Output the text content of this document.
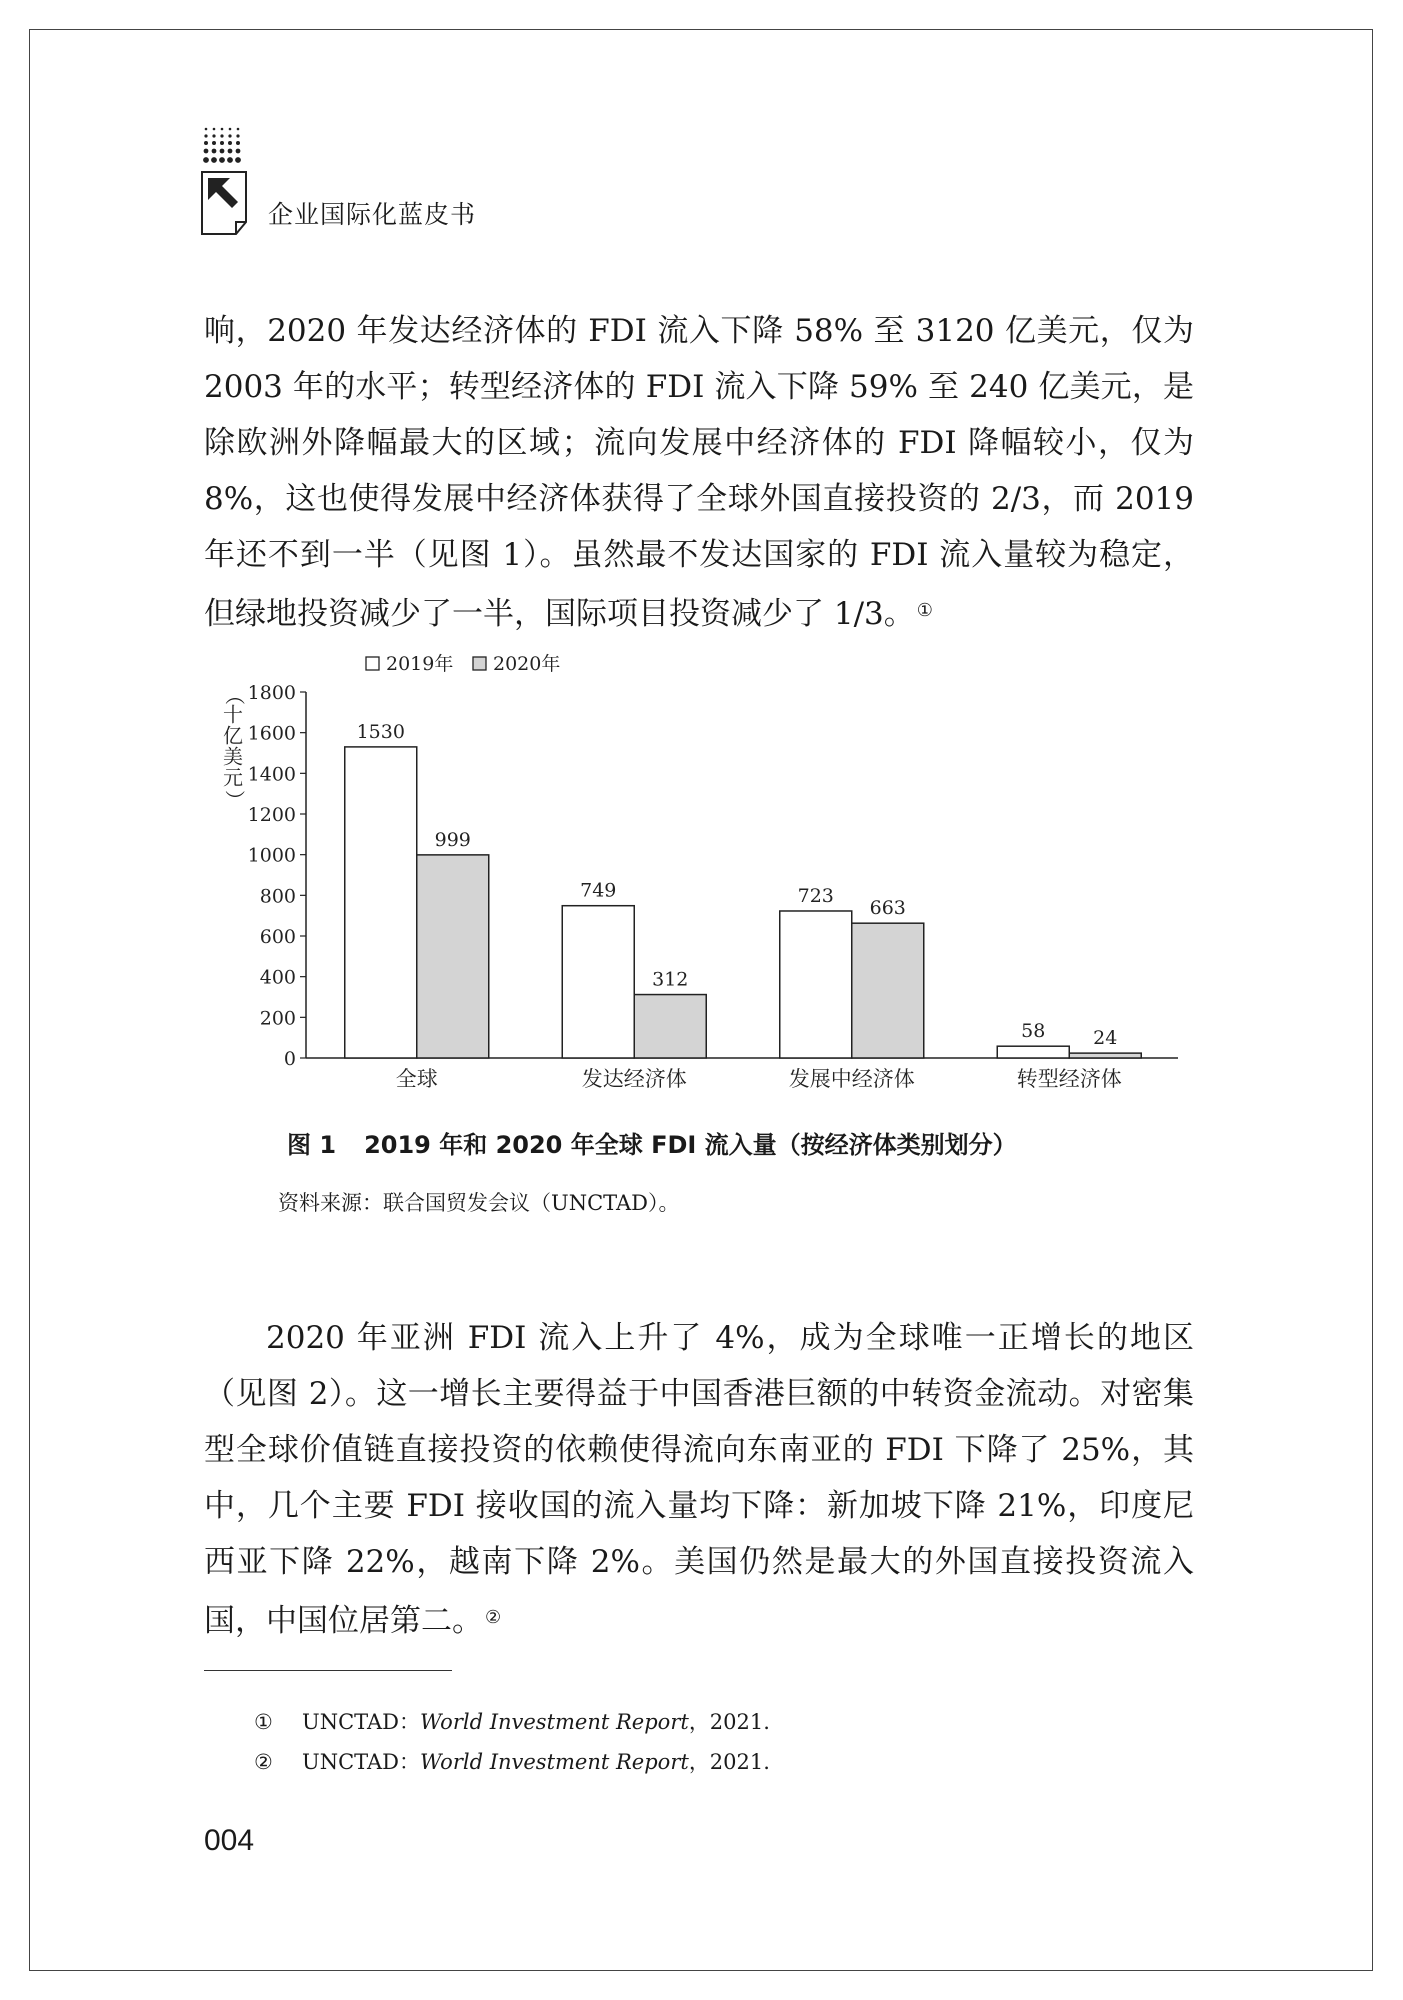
企业国际化蓝皮书

响，2020 年发达经济体的 FDI 流入下降 58% 至 3120 亿美元，仅为 2003 年的水平；转型经济体的 FDI 流入下降 59% 至 240 亿美元，是除欧洲外降幅最大的区域；流向发展中经济体的 FDI 降幅较小，仅为 8%，这也使得发展中经济体获得了全球外国直接投资的 2/3，而 2019 年还不到一半（见图 1）。虽然最不发达国家的 FDI 流入量较为稳定，但绿地投资减少了一半，国际项目投资减少了 1/3。 ①

0
200
400
600
800
1000
1200
1400
1600
1800
（
十
亿
美
元
）
1530
999
全球
749
312
发达经济体
723
663
发展中经济体
58	24
转型经济体
2019年 2020年
图 1 2019 年和 2020 年全球 FDI 流入量（按经济体类别划分）
资料来源：联合国贸发会议（UNCTAD）。

2020 年亚洲 FDI 流入上升了 4%，成为全球唯一正增长的地区（见图 2）。这一增长主要得益于中国香港巨额的中转资金流动。对密集型全球价值链直接投资的依赖使得流向东南亚的 FDI 下降了 25%，其中，几个主要 FDI 接收国的流入量均下降：新加坡下降 21%，印度尼西亚下降 22%，越南下降 2%。美国仍然是最大的外国直接投资流入国，中国位居第二。 ②

① UNCTAD：World Investment Report，2021.
② UNCTAD：World Investment Report，2021.
004
